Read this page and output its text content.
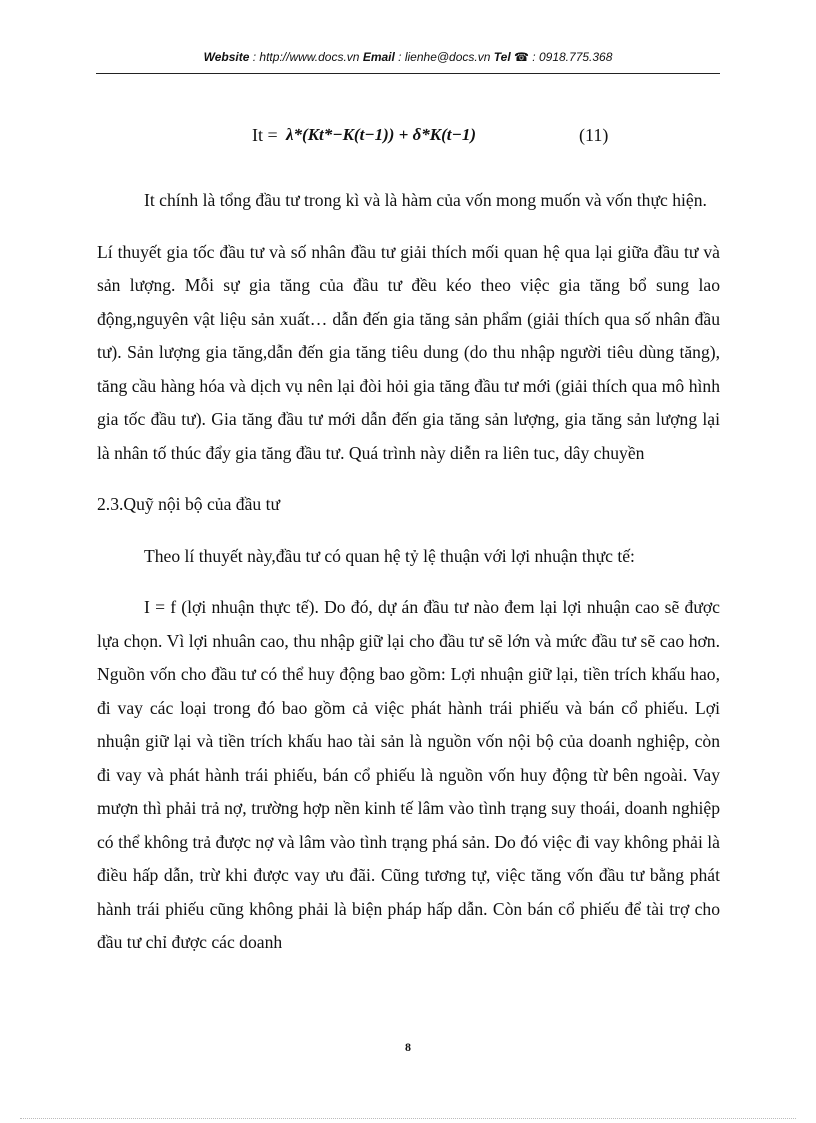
Website : http://www.docs.vn Email : lienhe@docs.vn Tel ☎ : 0918.775.368
It = λ*(Kt*−K(t−1)) + δ*K(t−1)	(11)

It chính là tổng đầu tư trong kì và là hàm của vốn mong muốn và vốn thực hiện.

Lí thuyết gia tốc đầu tư và số nhân đầu tư giải thích mối quan hệ qua lại giữa đầu tư và sản lượng. Mỗi sự gia tăng của đầu tư đều kéo theo việc gia tăng bổ sung lao động,nguyên vật liệu sản xuất… dẫn đến gia tăng sản phẩm (giải thích qua số nhân đầu tư). Sản lượng gia tăng,dẫn đến gia tăng tiêu dung (do thu nhập người tiêu dùng tăng), tăng cầu hàng hóa và dịch vụ nên lại đòi hỏi gia tăng đầu tư mới (giải thích qua mô hình gia tốc đầu tư). Gia tăng đầu tư mới dẫn đến gia tăng sản lượng, gia tăng sản lượng lại là nhân tố thúc đẩy gia tăng đầu tư. Quá trình này diễn ra liên tuc, dây chuyền

2.3.Quỹ nội bộ của đầu tư

Theo lí thuyết này,đầu tư có quan hệ tỷ lệ thuận với lợi nhuận thực tế:

I = f (lợi nhuận thực tế). Do đó, dự án đầu tư nào đem lại lợi nhuận cao sẽ được lựa chọn. Vì lợi nhuân cao, thu nhập giữ lại cho đầu tư sẽ lớn và mức đầu tư sẽ cao hơn. Nguồn vốn cho đầu tư có thể huy động bao gồm: Lợi nhuận giữ lại, tiền trích khấu hao, đi vay các loại trong đó bao gồm cả việc phát hành trái phiếu và bán cổ phiếu. Lợi nhuận giữ lại và tiền trích khấu hao tài sản là nguồn vốn nội bộ của doanh nghiệp, còn đi vay và phát hành trái phiếu, bán cổ phiếu là nguồn vốn huy động từ bên ngoài. Vay mượn thì phải trả nợ, trường hợp nền kinh tế lâm vào tình trạng suy thoái, doanh nghiệp có thể không trả được nợ và lâm vào tình trạng phá sản. Do đó việc đi vay không phải là điều hấp dẫn, trừ khi được vay ưu đãi. Cũng tương tự, việc tăng vốn đầu tư bằng phát hành trái phiếu cũng không phải là biện pháp hấp dẫn. Còn bán cổ phiếu để tài trợ cho đầu tư chỉ được các doanh

8
